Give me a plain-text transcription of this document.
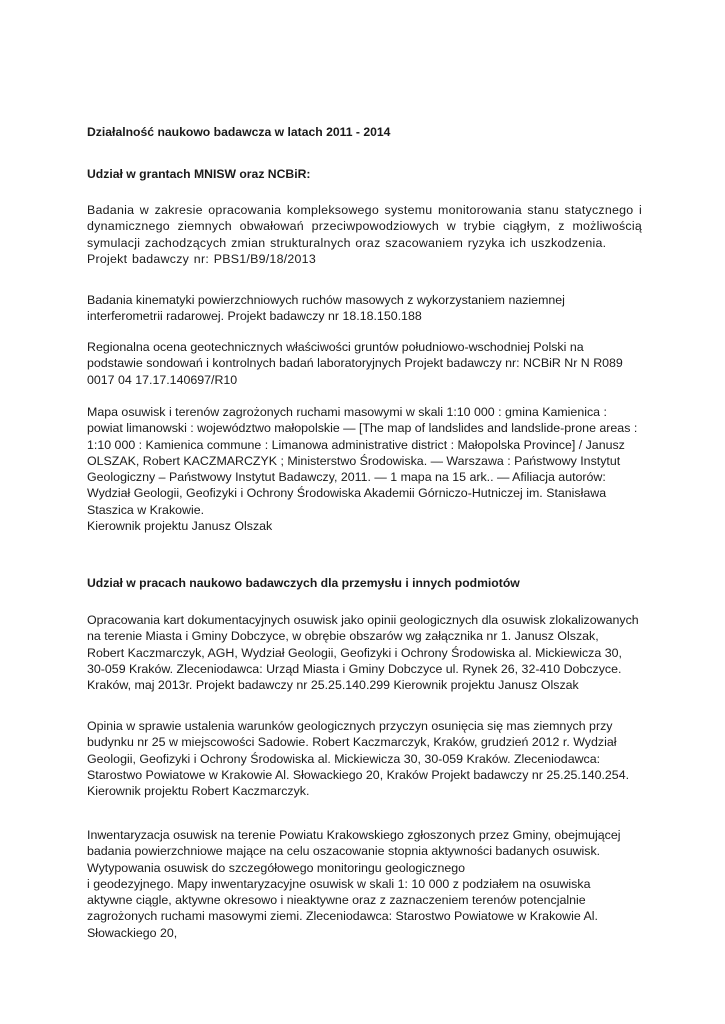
Działalność naukowo badawcza w latach 2011 - 2014

Udział w grantach MNISW oraz NCBiR:

Badania w zakresie opracowania kompleksowego systemu monitorowania stanu statycznego i dynamicznego ziemnych obwałowań przeciwpowodziowych w trybie ciągłym, z możliwością symulacji zachodzących zmian strukturalnych oraz szacowaniem ryzyka ich uszkodzenia.
Projekt badawczy nr: PBS1/B9/18/2013

Badania kinematyki powierzchniowych ruchów masowych z wykorzystaniem naziemnej interferometrii radarowej. Projekt badawczy nr 18.18.150.188

Regionalna ocena geotechnicznych właściwości gruntów południowo-wschodniej Polski na podstawie sondowań i kontrolnych badań laboratoryjnych Projekt badawczy nr: NCBiR Nr N R089 0017 04 17.17.140697/R10

Mapa osuwisk i terenów zagrożonych ruchami masowymi w skali 1:10 000 : gmina Kamienica : powiat limanowski : województwo małopolskie — [The map of landslides and landslide-prone areas : 1:10 000 : Kamienica commune : Limanowa administrative district : Małopolska Province] / Janusz OLSZAK, Robert KACZMARCZYK ; Ministerstwo Środowiska. — Warszawa : Państwowy Instytut Geologiczny – Państwowy Instytut Badawczy, 2011. — 1 mapa na 15 ark.. — Afiliacja autorów: Wydział Geologii, Geofizyki i Ochrony Środowiska Akademii Górniczo-Hutniczej im. Stanisława Staszica w Krakowie.
Kierownik projektu Janusz Olszak

Udział w pracach naukowo badawczych dla przemysłu i innych podmiotów

Opracowania kart dokumentacyjnych osuwisk jako opinii geologicznych dla osuwisk zlokalizowanych na terenie Miasta i Gminy Dobczyce, w obrębie obszarów wg załącznika nr 1. Janusz Olszak, Robert Kaczmarczyk, AGH, Wydział Geologii, Geofizyki i Ochrony Środowiska al. Mickiewicza 30, 30-059 Kraków. Zleceniodawca: Urząd Miasta i Gminy Dobczyce ul. Rynek 26, 32-410 Dobczyce. Kraków, maj 2013r. Projekt badawczy nr 25.25.140.299 Kierownik projektu Janusz Olszak

Opinia w sprawie ustalenia warunków geologicznych przyczyn osunięcia się mas ziemnych przy budynku nr 25 w miejscowości Sadowie. Robert Kaczmarczyk, Kraków, grudzień 2012 r. Wydział Geologii, Geofizyki i Ochrony Środowiska al. Mickiewicza 30, 30-059 Kraków. Zleceniodawca: Starostwo Powiatowe w Krakowie Al. Słowackiego 20, Kraków Projekt badawczy nr 25.25.140.254. Kierownik projektu Robert Kaczmarczyk.

Inwentaryzacja osuwisk na terenie Powiatu Krakowskiego zgłoszonych przez Gminy, obejmującej badania powierzchniowe mające na celu oszacowanie stopnia aktywności badanych osuwisk. Wytypowania osuwisk do szczegółowego monitoringu geologicznego
i geodezyjnego. Mapy inwentaryzacyjne osuwisk w skali 1: 10 000 z podziałem na osuwiska aktywne ciągle, aktywne okresowo i nieaktywne oraz z zaznaczeniem terenów potencjalnie zagrożonych ruchami masowymi ziemi. Zleceniodawca: Starostwo Powiatowe w Krakowie Al. Słowackiego 20,
